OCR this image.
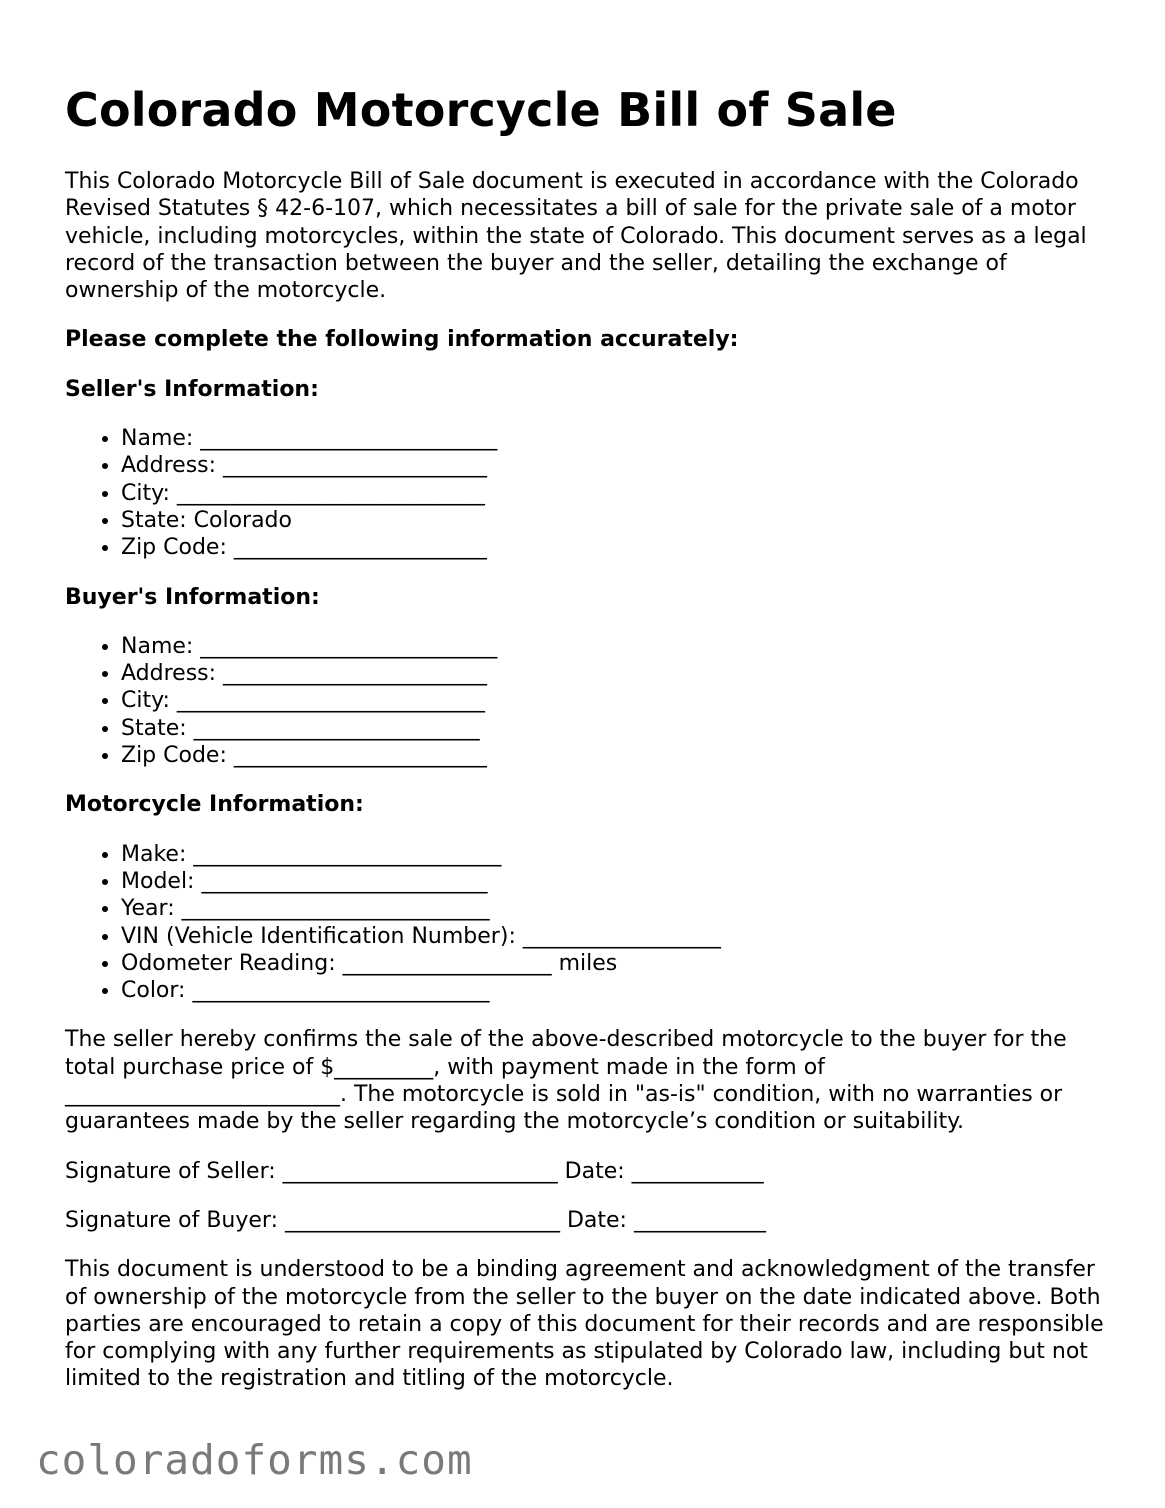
Colorado Motorcycle Bill of Sale

This Colorado Motorcycle Bill of Sale document is executed in accordance with the Colorado Revised Statutes § 42-6-107, which necessitates a bill of sale for the private sale of a motor vehicle, including motorcycles, within the state of Colorado. This document serves as a legal record of the transaction between the buyer and the seller, detailing the exchange of ownership of the motorcycle.

Please complete the following information accurately:

Seller's Information:

• Name: ___________________________
• Address: ________________________
• City: ____________________________
• State: Colorado
• Zip Code: _______________________

Buyer's Information:

• Name: ___________________________
• Address: ________________________
• City: ____________________________
• State: __________________________
• Zip Code: _______________________

Motorcycle Information:

• Make: ____________________________
• Model: __________________________
• Year: ____________________________
• VIN (Vehicle Identification Number): __________________
• Odometer Reading: ___________________ miles
• Color: ___________________________

The seller hereby confirms the sale of the above-described motorcycle to the buyer for the total purchase price of $_________, with payment made in the form of _________________________. The motorcycle is sold in "as-is" condition, with no warranties or guarantees made by the seller regarding the motorcycle’s condition or suitability.

Signature of Seller: _________________________ Date: ____________

Signature of Buyer: _________________________ Date: ____________

This document is understood to be a binding agreement and acknowledgment of the transfer of ownership of the motorcycle from the seller to the buyer on the date indicated above. Both parties are encouraged to retain a copy of this document for their records and are responsible for complying with any further requirements as stipulated by Colorado law, including but not limited to the registration and titling of the motorcycle.

coloradoforms.com
